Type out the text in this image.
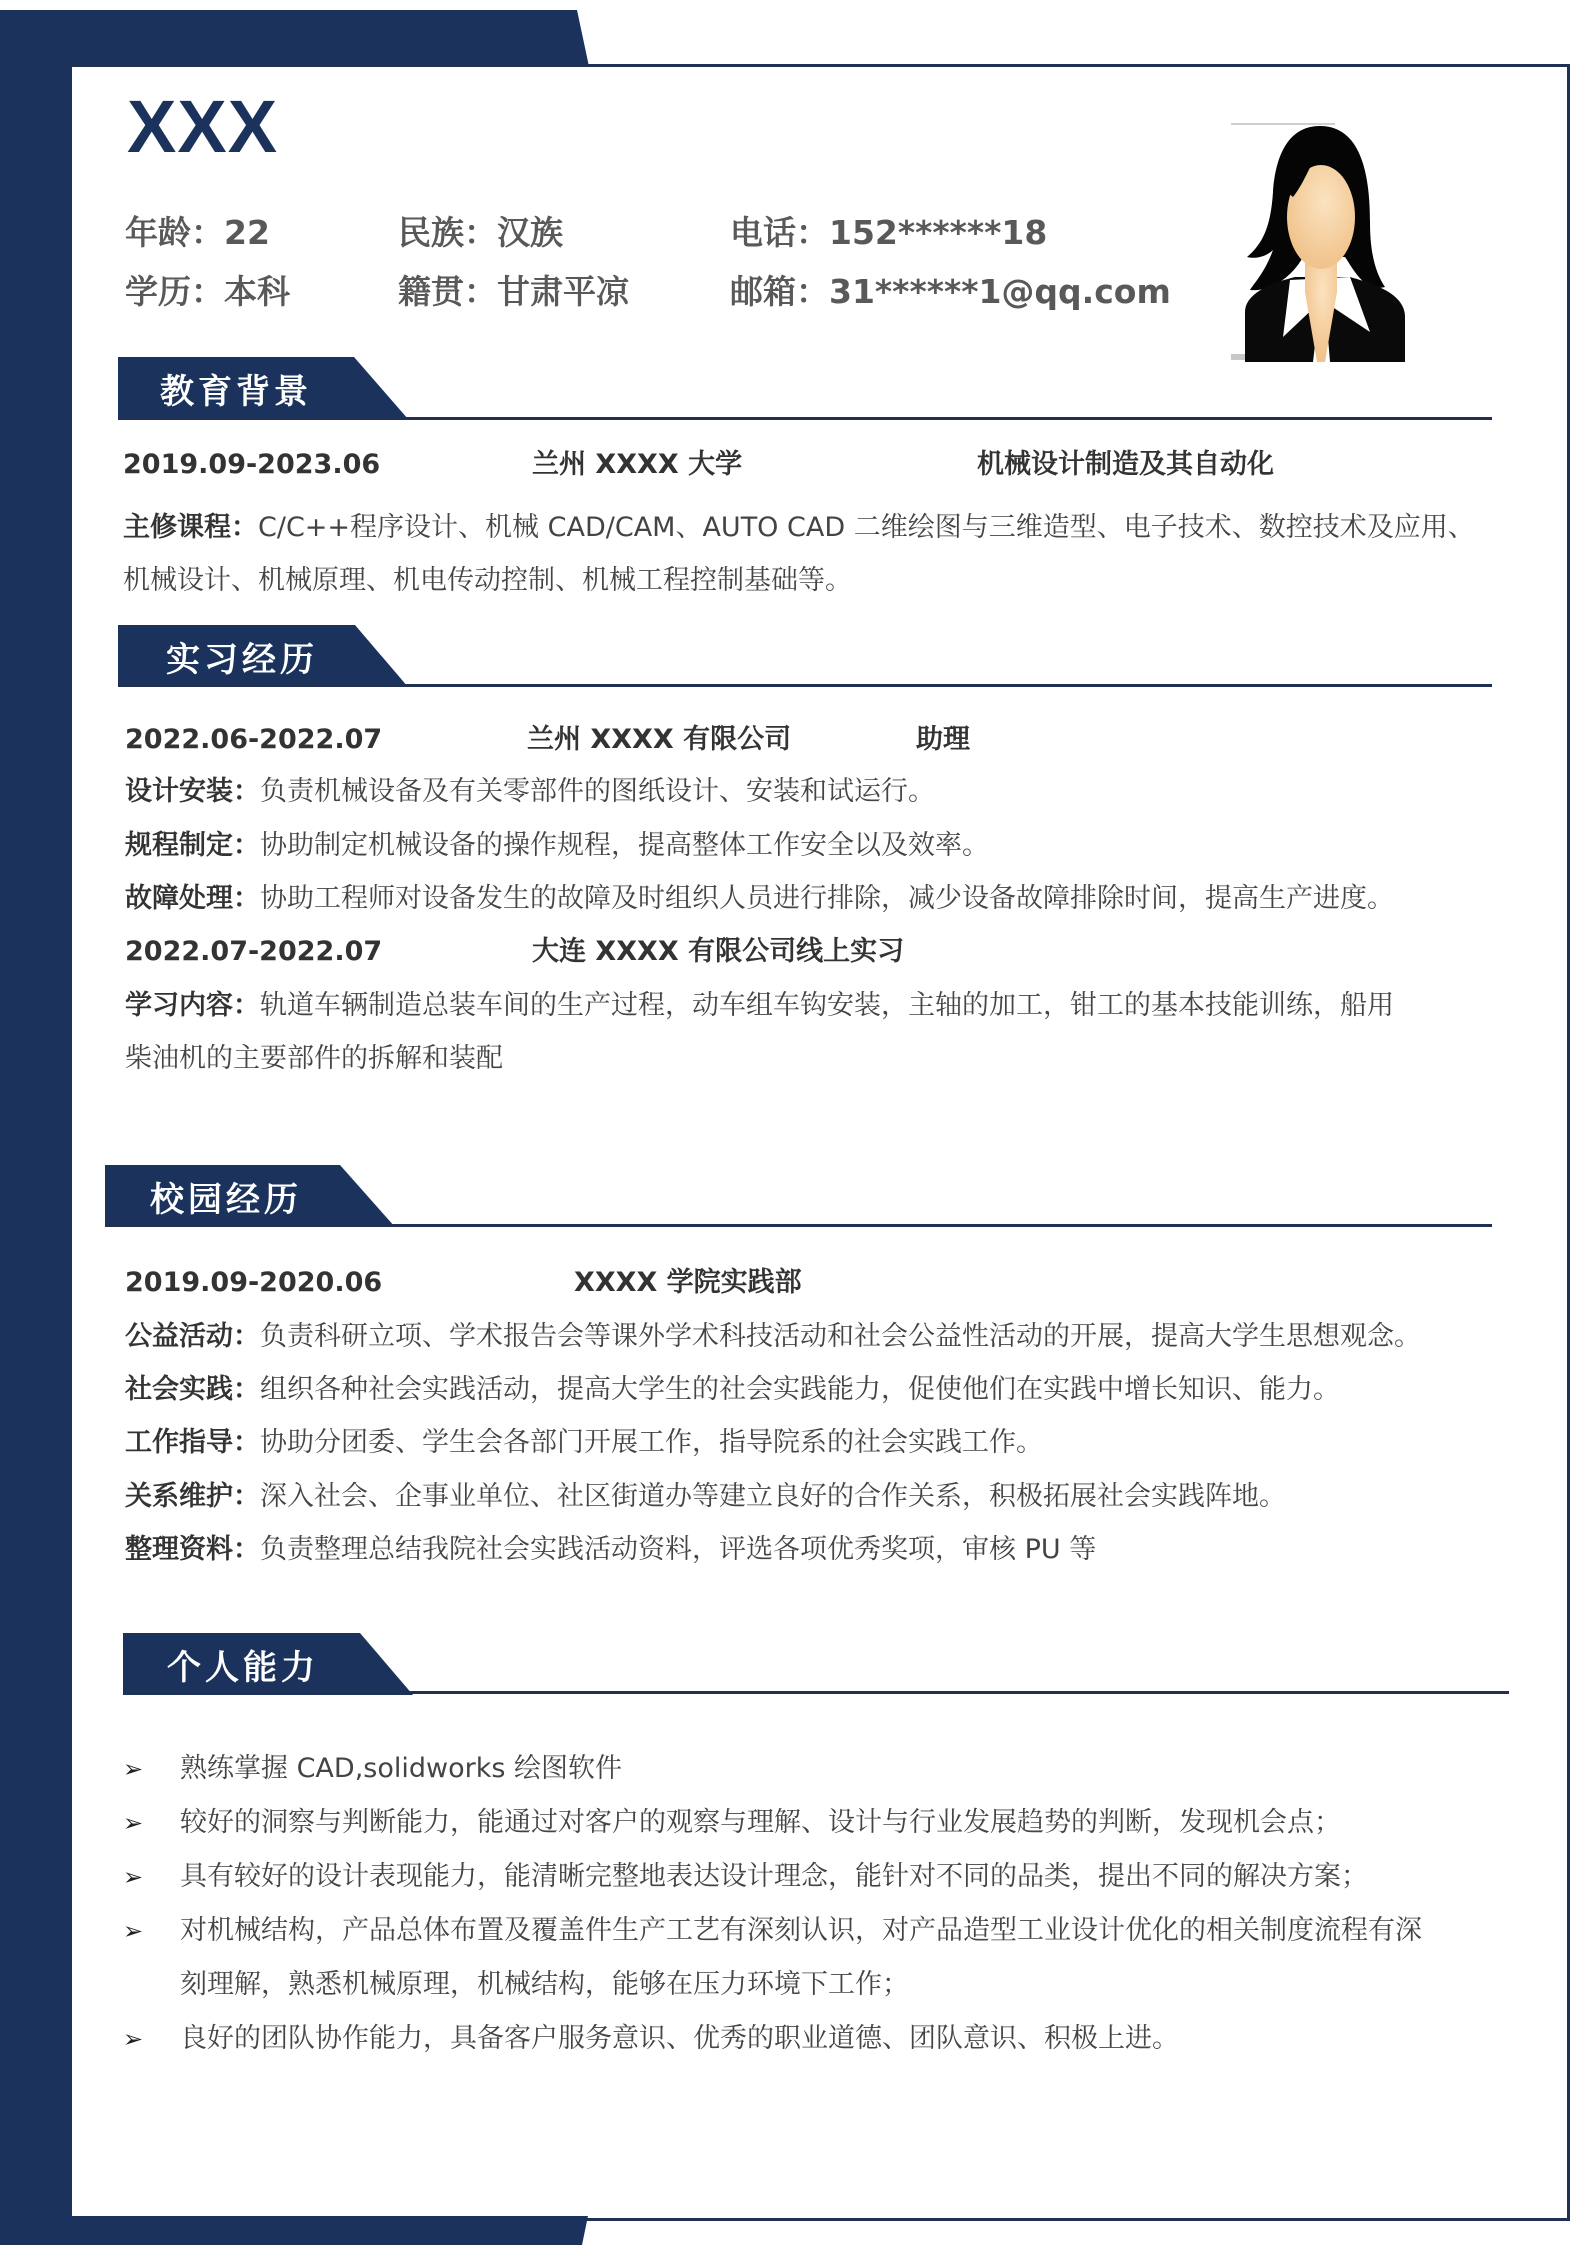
XXX
年龄：22	民族：汉族	电话：152******18
学历：本科	籍贯：甘肃平凉	邮箱：31******1@qq.com
教育背景
2019.09-2023.06	兰州 XXXX 大学	机械设计制造及其自动化
主修课程：C/C++程序设计、机械 CAD/CAM、AUTO CAD 二维绘图与三维造型、电子技术、数控技术及应用、
机械设计、机械原理、机电传动控制、机械工程控制基础等。
实习经历
2022.06-2022.07	兰州 XXXX 有限公司	助理
设计安装：负责机械设备及有关零部件的图纸设计、安装和试运行。
规程制定：协助制定机械设备的操作规程，提高整体工作安全以及效率。
故障处理：协助工程师对设备发生的故障及时组织人员进行排除，减少设备故障排除时间，提高生产进度。
2022.07-2022.07	大连 XXXX 有限公司线上实习
学习内容：轨道车辆制造总装车间的生产过程，动车组车钩安装，主轴的加工，钳工的基本技能训练，船用
柴油机的主要部件的拆解和装配
校园经历
2019.09-2020.06	XXXX 学院实践部
公益活动：负责科研立项、学术报告会等课外学术科技活动和社会公益性活动的开展，提高大学生思想观念。
社会实践：组织各种社会实践活动，提高大学生的社会实践能力，促使他们在实践中增长知识、能力。
工作指导：协助分团委、学生会各部门开展工作，指导院系的社会实践工作。
关系维护：深入社会、企事业单位、社区街道办等建立良好的合作关系，积极拓展社会实践阵地。
整理资料：负责整理总结我院社会实践活动资料，评选各项优秀奖项，审核 PU 等
个人能力
➢ 熟练掌握 CAD,solidworks 绘图软件
➢ 较好的洞察与判断能力，能通过对客户的观察与理解、设计与行业发展趋势的判断，发现机会点；
➢ 具有较好的设计表现能力，能清晰完整地表达设计理念，能针对不同的品类，提出不同的解决方案；
➢ 对机械结构，产品总体布置及覆盖件生产工艺有深刻认识，对产品造型工业设计优化的相关制度流程有深
刻理解，熟悉机械原理，机械结构，能够在压力环境下工作；
➢ 良好的团队协作能力，具备客户服务意识、优秀的职业道德、团队意识、积极上进。
